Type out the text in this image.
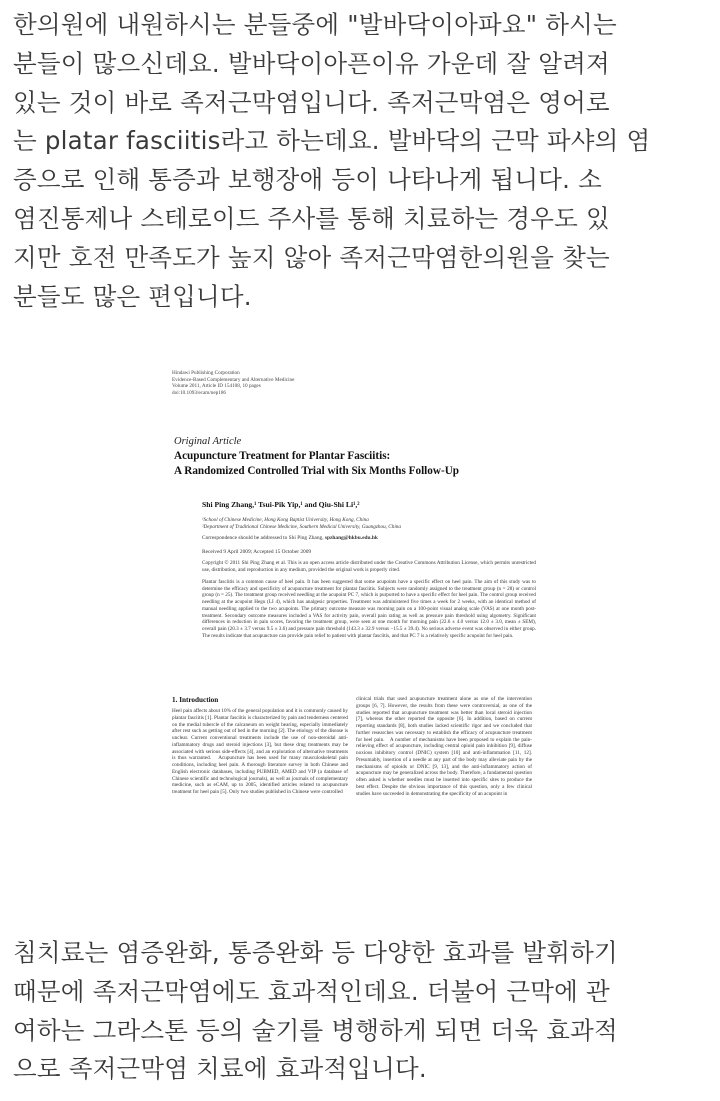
한의원에 내원하시는 분들중에 "발바닥이아파요" 하시는
분들이 많으신데요. 발바닥이아픈이유 가운데 잘 알려져
있는 것이 바로 족저근막염입니다. 족저근막염은 영어로
는 platar fasciitis라고 하는데요. 발바닥의 근막 파샤의 염
증으로 인해 통증과 보행장애 등이 나타나게 됩니다. 소
염진통제나 스테로이드 주사를 통해 치료하는 경우도 있
지만 호전 만족도가 높지 않아 족저근막염한의원을 찾는
분들도 많은 편입니다.
Hindawi Publishing Corporation
Evidence-Based Complementary and Alternative Medicine
Volume 2011, Article ID 154108, 10 pages
doi:10.1093/ecam/nep186
Original Article
Acupuncture Treatment for Plantar Fasciitis:
A Randomized Controlled Trial with Six Months Follow-Up
Shi Ping Zhang,¹ Tsui-Pik Yip,¹ and Qiu-Shi Li¹,²
¹School of Chinese Medicine, Hong Kong Baptist University, Hong Kong, China
²Department of Traditional Chinese Medicine, Southern Medical University, Guangzhou, China
Correspondence should be addressed to Shi Ping Zhang, spzhang@hkbu.edu.hk
Received 9 April 2009; Accepted 15 October 2009
Copyright © 2011 Shi Ping Zhang et al. This is an open access article distributed under the Creative Commons Attribution License, which permits unrestricted use, distribution, and reproduction in any medium, provided the original work is properly cited.
Plantar fasciitis is a common cause of heel pain. It has been suggested that some acupoints have a specific effect on heel pain. The aim of this study was to determine the efficacy and specificity of acupuncture treatment for plantar fasciitis. Subjects were randomly assigned to the treatment group (n = 28) or control group (n = 25). The treatment group received needling at the acupoint PC 7, which is purported to have a specific effect for heel pain. The control group received needling at the acupoint Hegu (LI 4), which has analgesic properties. Treatment was administered five times a week for 2 weeks, with an identical method of manual needling applied to the two acupoints. The primary outcome measure was morning pain on a 100-point visual analog scale (VAS) at one month post-treatment. Secondary outcome measures included a VAS for activity pain, overall pain rating as well as pressure pain threshold using algometry. Significant differences in reduction in pain scores, favoring the treatment group, were seen at one month for morning pain (22.6 ± 4.0 versus 12.0 ± 3.0, mean ± SEM), overall pain (20.3 ± 3.7 versus 9.5 ± 3.6) and pressure pain threshold (143.3 ± 32.9 versus −15.5 ± 39.4). No serious adverse event was observed in either group. The results indicate that acupuncture can provide pain relief to patient with plantar fasciitis, and that PC 7 is a relatively specific acupoint for heel pain.
1. Introduction
Heel pain affects about 10% of the general population and it is commonly caused by plantar fasciitis [1]. Plantar fasciitis is characterized by pain and tenderness centered on the medial tubercle of the calcaneum on weight bearing, especially immediately after rest such as getting out of bed in the morning [2]. The etiology of the disease is unclear. Current conventional treatments include the use of non-steroidal anti-inflammatory drugs and steroid injections [3], but these drug treatments may be associated with serious side-effects [4], and an exploration of alternative treatments is thus warranted.   Acupuncture has been used for many musculoskeletal pain conditions, including heel pain. A thorough literature survey in both Chinese and English electronic databases, including PUBMED, AMED and VIP (a database of Chinese scientific and technological journals), as well as journals of complementary medicine, such as eCAM, up to 2005, identified articles related to acupuncture treatment for heel pain [5]. Only two studies published in Chinese were controlled
clinical trials that used acupuncture treatment alone as one of the intervention groups [6, 7]. However, the results from these were controversial, as one of the studies reported that acupuncture treatment was better than local steroid injection [7], whereas the other reported the opposite [6]. In addition, based on current reporting standards [8], both studies lacked scientific rigor and we concluded that further researches was necessary to establish the efficacy of acupuncture treatment for heel pain.   A number of mechanisms have been proposed to explain the pain-relieving effect of acupuncture, including central opioid pain inhibition [9], diffuse noxious inhibitory control (DNIC) system [10] and anti-inflammation [11, 12]. Presumably, insertion of a needle at any part of the body may alleviate pain by the mechanisms of opioids or DNIC [9, 13], and the anti-inflammatory action of acupuncture may be generalized across the body. Therefore, a fundamental question often asked is whether needles must be inserted into specific sites to produce the best effect. Despite the obvious importance of this question, only a few clinical studies have succeeded in demonstrating the specificity of an acupoint in
침치료는 염증완화, 통증완화 등 다양한 효과를 발휘하기
때문에 족저근막염에도 효과적인데요. 더불어 근막에 관
여하는 그라스톤 등의 술기를 병행하게 되면 더욱 효과적
으로 족저근막염 치료에 효과적입니다.
